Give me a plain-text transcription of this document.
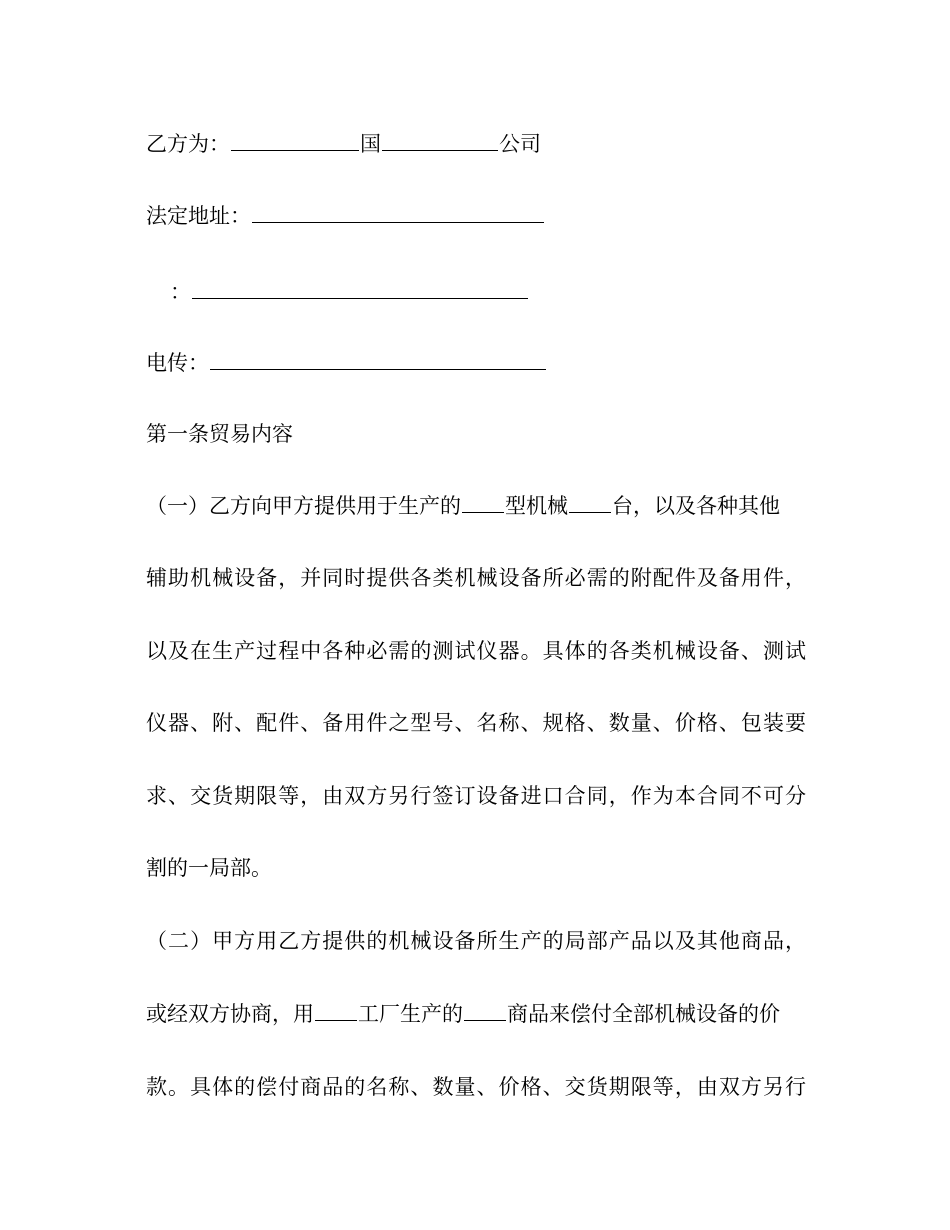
乙方为：	国	公司
法定地址：
：
电传：
第一条贸易内容
（一）乙方向甲方提供用于生产的 型机械 台，以及各种其他
辅助机械设备，并同时提供各类机械设备所必需的附配件及备用件，
以及在生产过程中各种必需的测试仪器。具体的各类机械设备、测试
仪器、附、配件、备用件之型号、名称、规格、数量、价格、包装要
求、交货期限等，由双方另行签订设备进口合同，作为本合同不可分
割的一局部。
（二）甲方用乙方提供的机械设备所生产的局部产品以及其他商品，
或经双方协商，用 工厂生产的 商品来偿付全部机械设备的价
款。具体的偿付商品的名称、数量、价格、交货期限等，由双方另行
